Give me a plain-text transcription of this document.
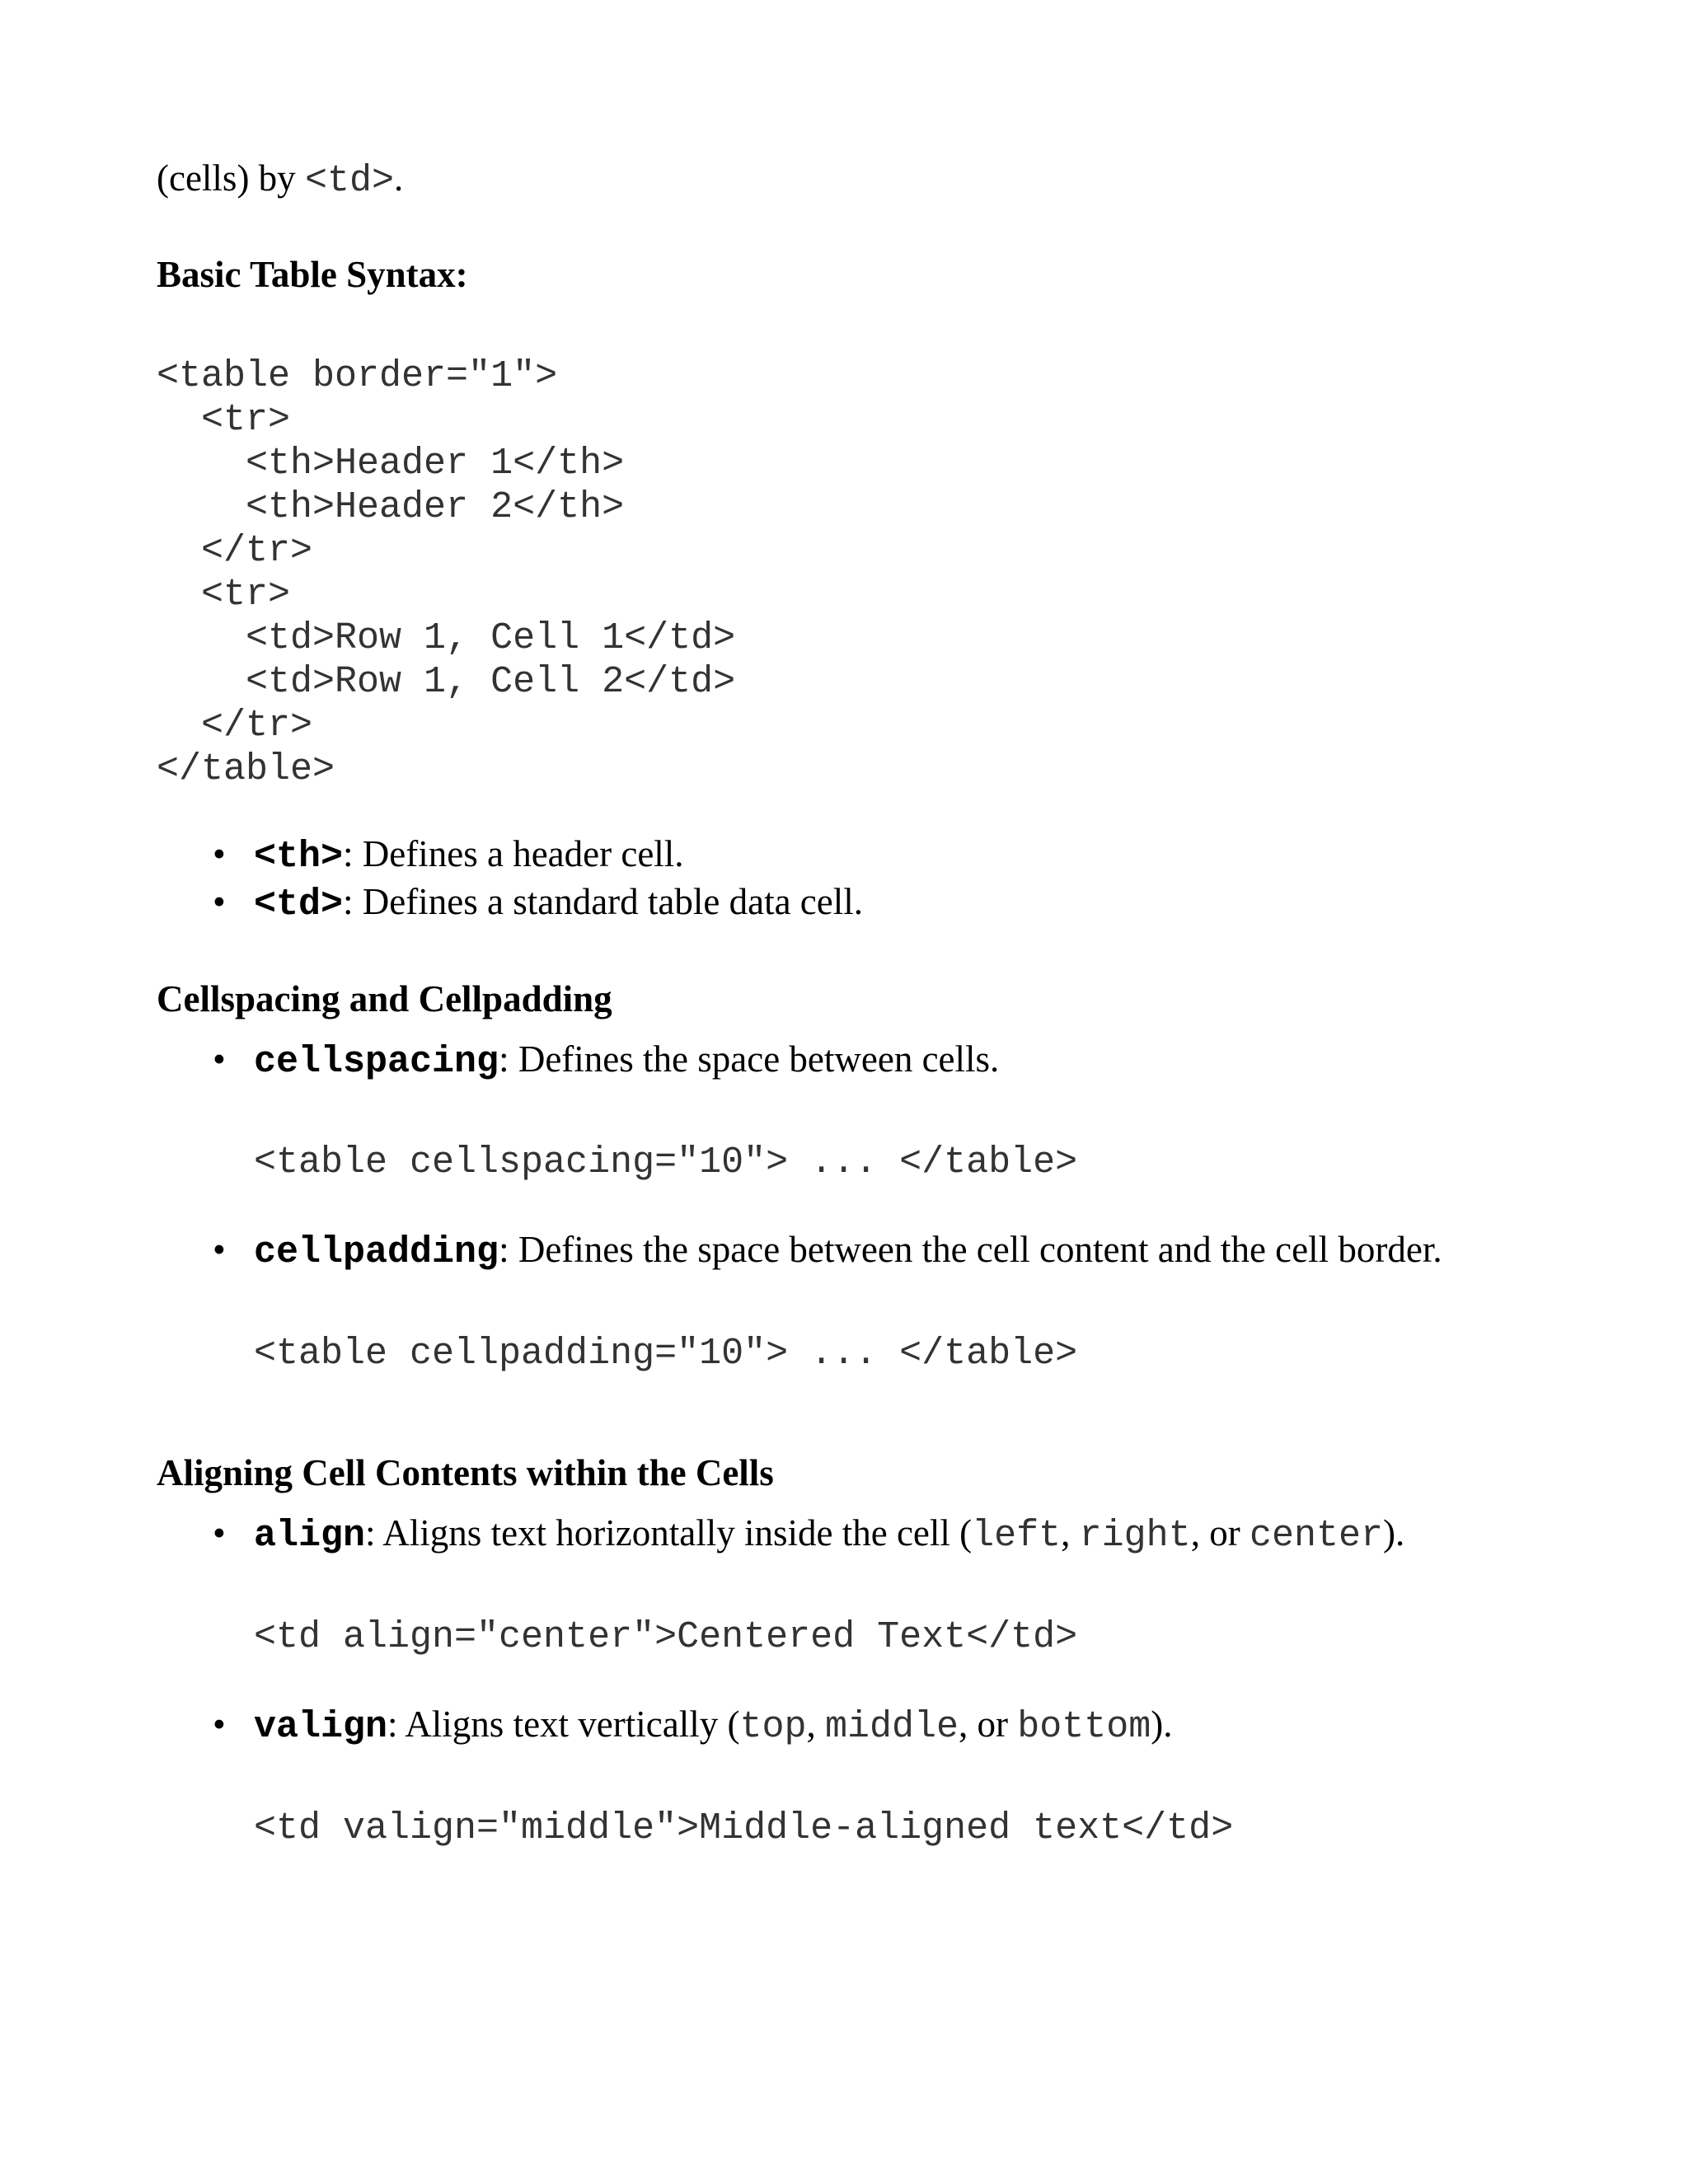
(cells) by <td>.
Basic Table Syntax:
<table border="1">
<tr>
<th>Header 1</th>
<th>Header 2</th>
</tr>
<tr>
<td>Row 1, Cell 1</td>
<td>Row 1, Cell 2</td>
</tr>
</table>
• <th>: Defines a header cell.
• <td>: Defines a standard table data cell.
Cellspacing and Cellpadding
• cellspacing: Defines the space between cells.
<table cellspacing="10"> ... </table>
• cellpadding: Defines the space between the cell content and the cell border.
<table cellpadding="10"> ... </table>
Aligning Cell Contents within the Cells
• align: Aligns text horizontally inside the cell (left, right, or center).
<td align="center">Centered Text</td>
• valign: Aligns text vertically (top, middle, or bottom).
<td valign="middle">Middle-aligned text</td>
